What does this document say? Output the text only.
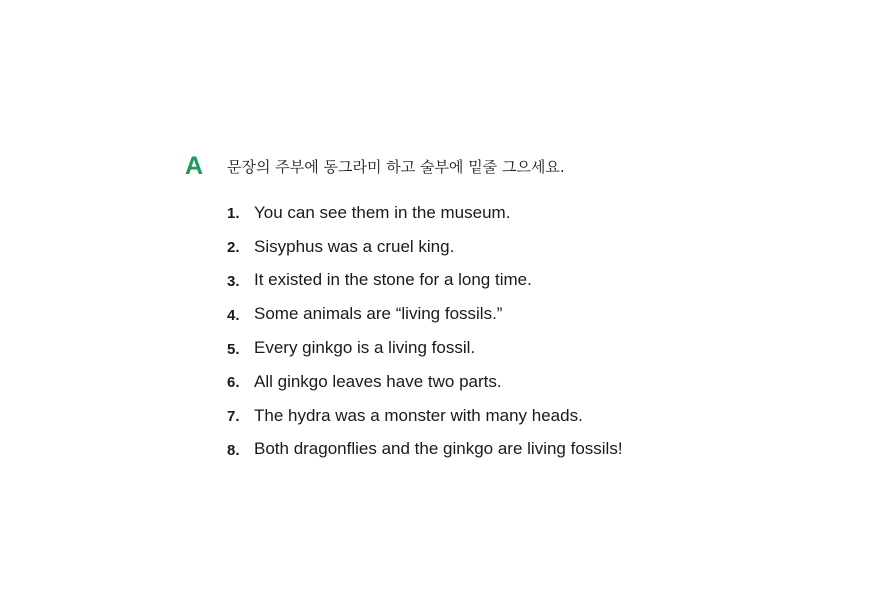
A 문장의 주부에 동그라미 하고 술부에 밑줄 그으세요.
1. You can see them in the museum.
2. Sisyphus was a cruel king.
3. It existed in the stone for a long time.
4. Some animals are “living fossils.”
5. Every ginkgo is a living fossil.
6. All ginkgo leaves have two parts.
7. The hydra was a monster with many heads.
8. Both dragonflies and the ginkgo are living fossils!
